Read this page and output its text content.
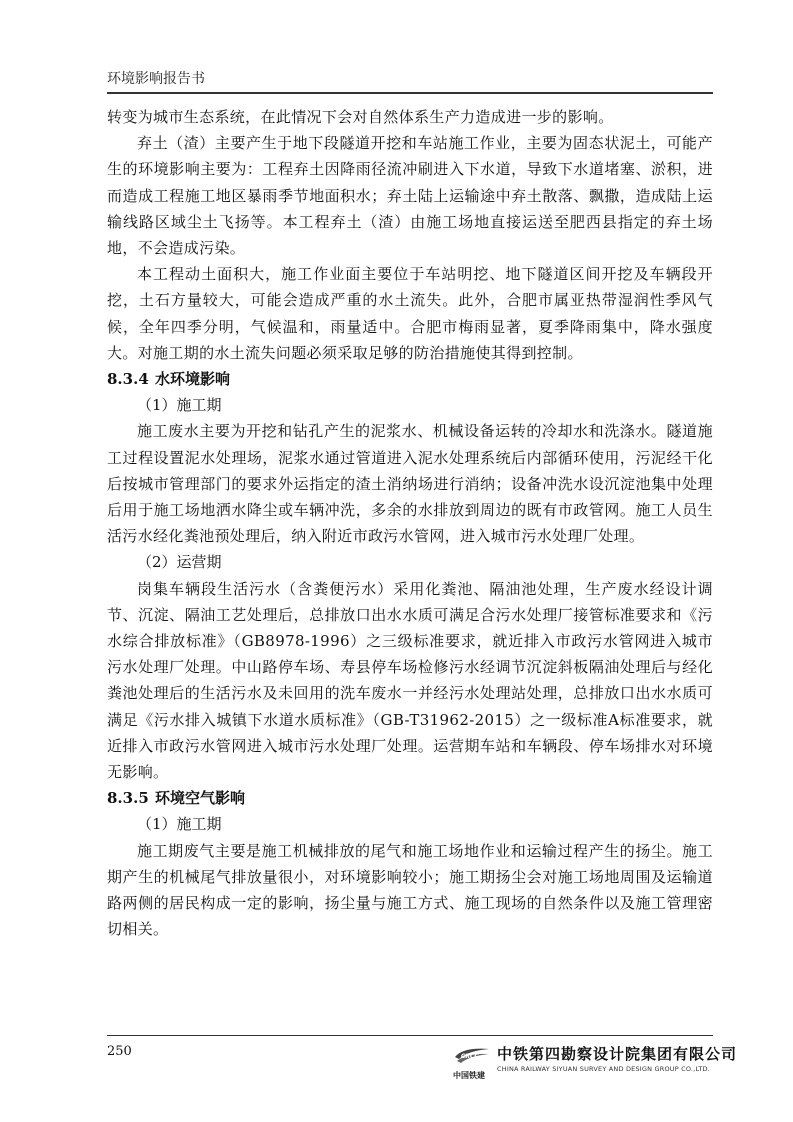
环境影响报告书

转变为城市生态系统，在此情况下会对自然体系生产力造成进一步的影响。

弃土（渣）主要产生于地下段隧道开挖和车站施工作业，主要为固态状泥土，可能产生的环境影响主要为：工程弃土因降雨径流冲刷进入下水道，导致下水道堵塞、淤积，进而造成工程施工地区暴雨季节地面积水；弃土陆上运输途中弃土散落、飘撒，造成陆上运输线路区域尘土飞扬等。本工程弃土（渣）由施工场地直接运送至肥西县指定的弃土场地，不会造成污染。

本工程动土面积大，施工作业面主要位于车站明挖、地下隧道区间开挖及车辆段开挖，土石方量较大，可能会造成严重的水土流失。此外，合肥市属亚热带湿润性季风气候，全年四季分明，气候温和，雨量适中。合肥市梅雨显著，夏季降雨集中，降水强度大。对施工期的水土流失问题必须采取足够的防治措施使其得到控制。

8.3.4 水环境影响
（1）施工期

施工废水主要为开挖和钻孔产生的泥浆水、机械设备运转的冷却水和洗涤水。隧道施工过程设置泥水处理场，泥浆水通过管道进入泥水处理系统后内部循环使用，污泥经干化后按城市管理部门的要求外运指定的渣土消纳场进行消纳；设备冲洗水设沉淀池集中处理后用于施工场地洒水降尘或车辆冲洗，多余的水排放到周边的既有市政管网。施工人员生活污水经化粪池预处理后，纳入附近市政污水管网，进入城市污水处理厂处理。

（2）运营期

岗集车辆段生活污水（含粪便污水）采用化粪池、隔油池处理，生产废水经设计调节、沉淀、隔油工艺处理后，总排放口出水水质可满足合污水处理厂接管标准要求和《污水综合排放标准》（GB8978-1996）之三级标准要求，就近排入市政污水管网进入城市污水处理厂处理。中山路停车场、寿县停车场检修污水经调节沉淀斜板隔油处理后与经化粪池处理后的生活污水及未回用的洗车废水一并经污水处理站处理，总排放口出水水质可满足《污水排入城镇下水道水质标准》（GB-T31962-2015）之一级标准A标准要求，就近排入市政污水管网进入城市污水处理厂处理。运营期车站和车辆段、停车场排水对环境无影响。

8.3.5 环境空气影响
（1）施工期

施工期废气主要是施工机械排放的尾气和施工场地作业和运输过程产生的扬尘。施工期产生的机械尾气排放量很小，对环境影响较小；施工期扬尘会对施工场地周围及运输道路两侧的居民构成一定的影响，扬尘量与施工方式、施工现场的自然条件以及施工管理密切相关。

250	CRCC 中铁第四勘察设计院集团有限公司
CHINA RAILWAY SIYUAN SURVEY AND DESIGN GROUP CO.,LTD.
中国铁建
